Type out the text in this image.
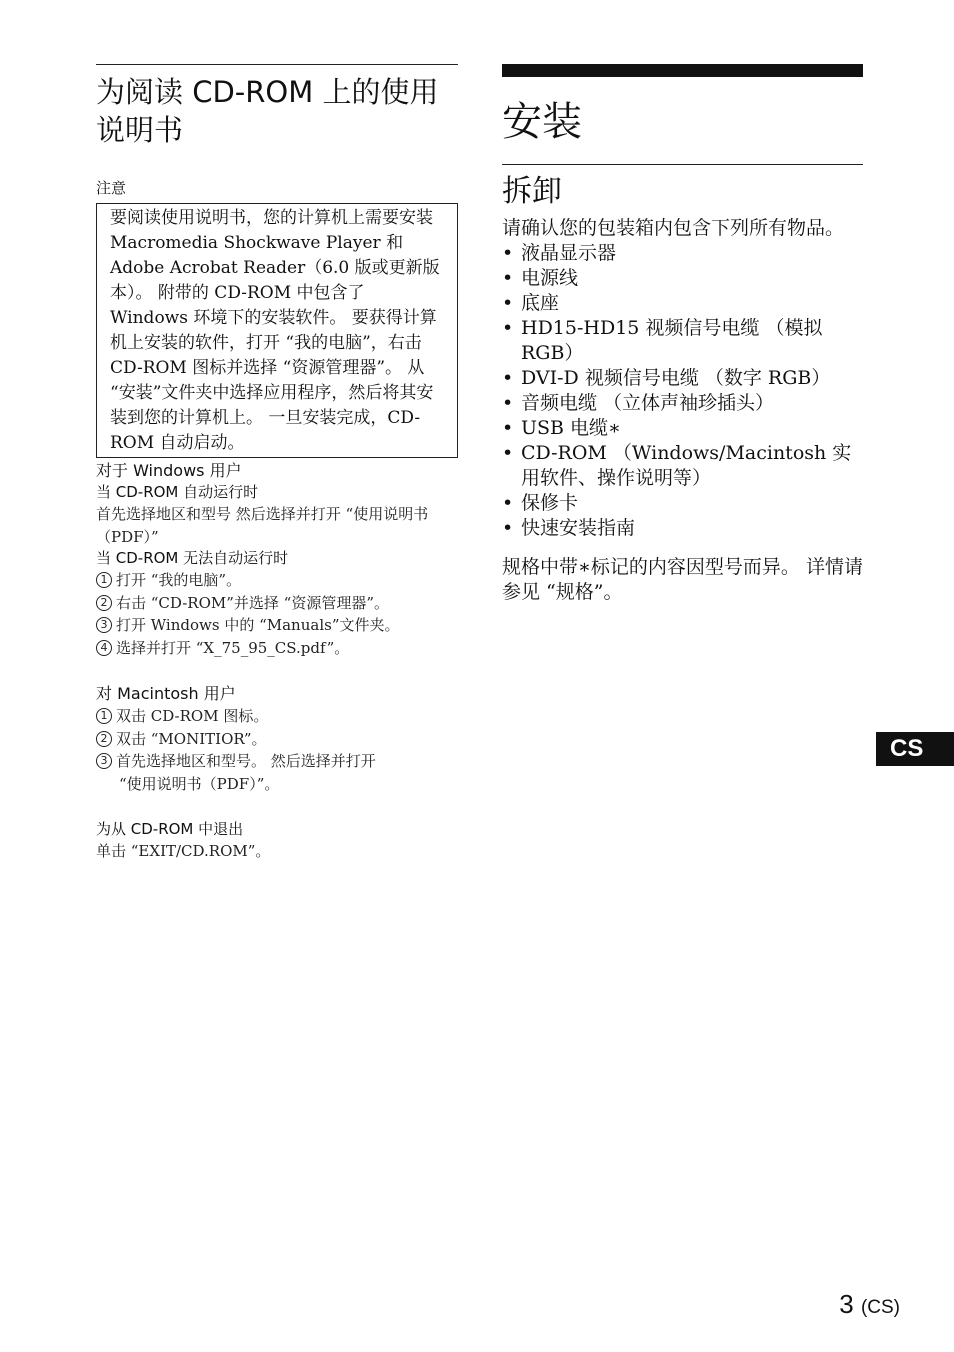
为阅读 CD-ROM 上的使用说明书
注意
要阅读使用说明书，您的计算机上需要安装 Macromedia Shockwave Player 和 Adobe Acrobat Reader（6.0 版或更新版本）。 附带的 CD-ROM 中包含了 Windows 环境下的安装软件。 要获得计算机上安装的软件，打开 “我的电脑”，右击 CD-ROM 图标并选择 “资源管理器”。 从 “安装”文件夹中选择应用程序，然后将其安装到您的计算机上。 一旦安装完成，CD-ROM 自动启动。
对于 Windows 用户
当 CD-ROM 自动运行时
首先选择地区和型号 然后选择并打开 “使用说明书（PDF）”
当 CD-ROM 无法自动运行时
1 打开 “我的电脑”。
2 右击 “CD-ROM”并选择 “资源管理器”。
3 打开 Windows 中的 “Manuals”文件夹。
4 选择并打开 “X_75_95_CS.pdf”。
对 Macintosh 用户
1 双击 CD-ROM 图标。
2 双击 “MONITIOR”。
3 首先选择地区和型号。 然后选择并打开
“使用说明书（PDF）”。
为从 CD-ROM 中退出
单击 “EXIT/CD.ROM”。
安装
拆卸
请确认您的包装箱内包含下列所有物品。
• 液晶显示器
• 电源线
• 底座
• HD15-HD15 视频信号电缆 （模拟 RGB）
• DVI-D 视频信号电缆 （数字 RGB）
• 音频电缆 （立体声袖珍插头）
• USB 电缆∗
• CD-ROM （Windows/Macintosh 实用软件、操作说明等）
• 保修卡
• 快速安装指南
规格中带∗标记的内容因型号而异。 详情请参见 “规格”。
CS
3 (CS)
